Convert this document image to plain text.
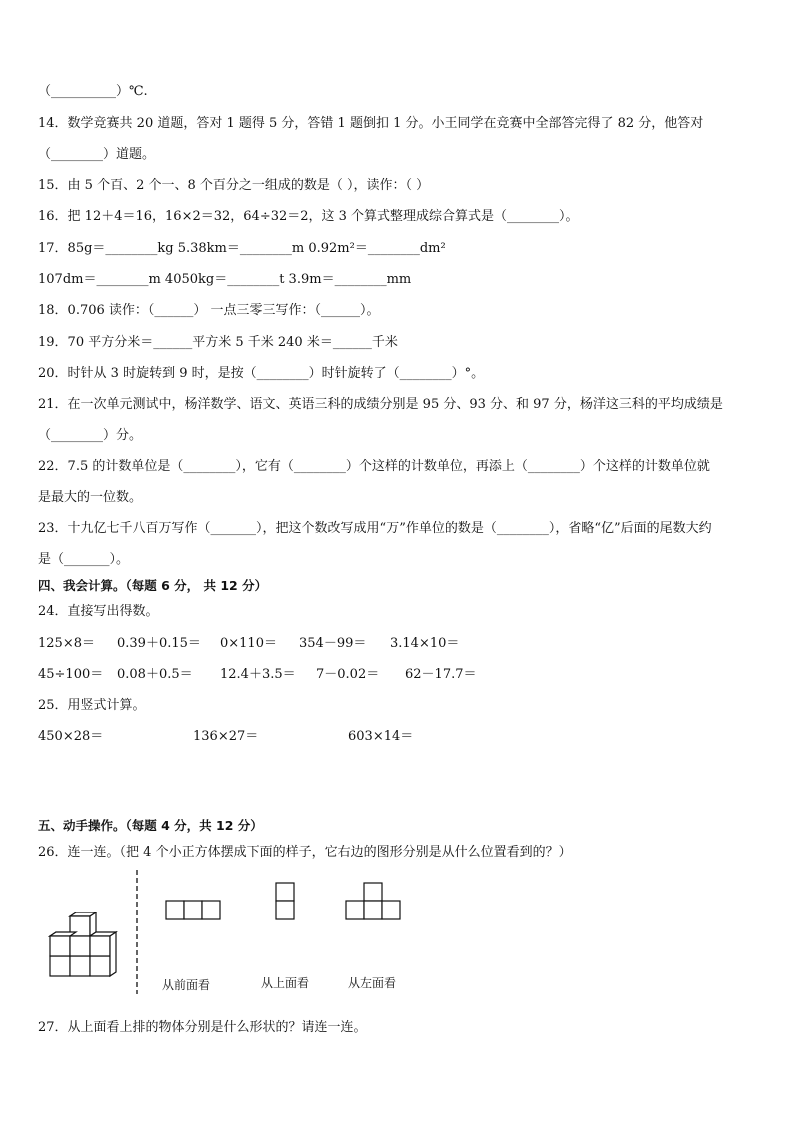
（__________）℃.
14．数学竞赛共 20 道题，答对 1 题得 5 分，答错 1 题倒扣 1 分。小王同学在竞赛中全部答完得了 82 分，他答对
（________）道题。
15．由 5 个百、2 个一、8 个百分之一组成的数是（ ），读作：（ ）
16．把 12＋4＝16，16×2＝32，64÷32＝2，这 3 个算式整理成综合算式是（________）。
17．85g＝________kg 5.38km＝________m 0.92m²＝________dm²
107dm＝________m 4050kg＝________t 3.9m＝________mm
18．0.706 读作：（______） 一点三零三写作：（______）。
19．70 平方分米＝______平方米 5 千米 240 米＝______千米
20．时针从 3 时旋转到 9 时，是按（________）时针旋转了（________）°。
21．在一次单元测试中，杨洋数学、语文、英语三科的成绩分别是 95 分、93 分、和 97 分，杨洋这三科的平均成绩是
（________）分。
22．7.5 的计数单位是（________），它有（________）个这样的计数单位，再添上（________）个这样的计数单位就
是最大的一位数。
23．十九亿七千八百万写作（_______），把这个数改写成用“万”作单位的数是（________），省略“亿”后面的尾数大约
是（_______）。
四、我会计算。（每题 6 分， 共 12 分）
24．直接写出得数。
125×8＝ 0.39＋0.15＝ 0×110＝ 354－99＝ 3.14×10＝
45÷100＝ 0.08＋0.5＝ 12.4＋3.5＝ 7－0.02＝ 62－17.7＝
25．用竖式计算。
450×28＝	136×27＝	603×14＝
五、动手操作。（每题 4 分，共 12 分）
26．连一连。（把 4 个小正方体摆成下面的样子，它右边的图形分别是从什么位置看到的？）
从前面看	从上面看	从左面看
27．从上面看上排的物体分别是什么形状的？请连一连。
